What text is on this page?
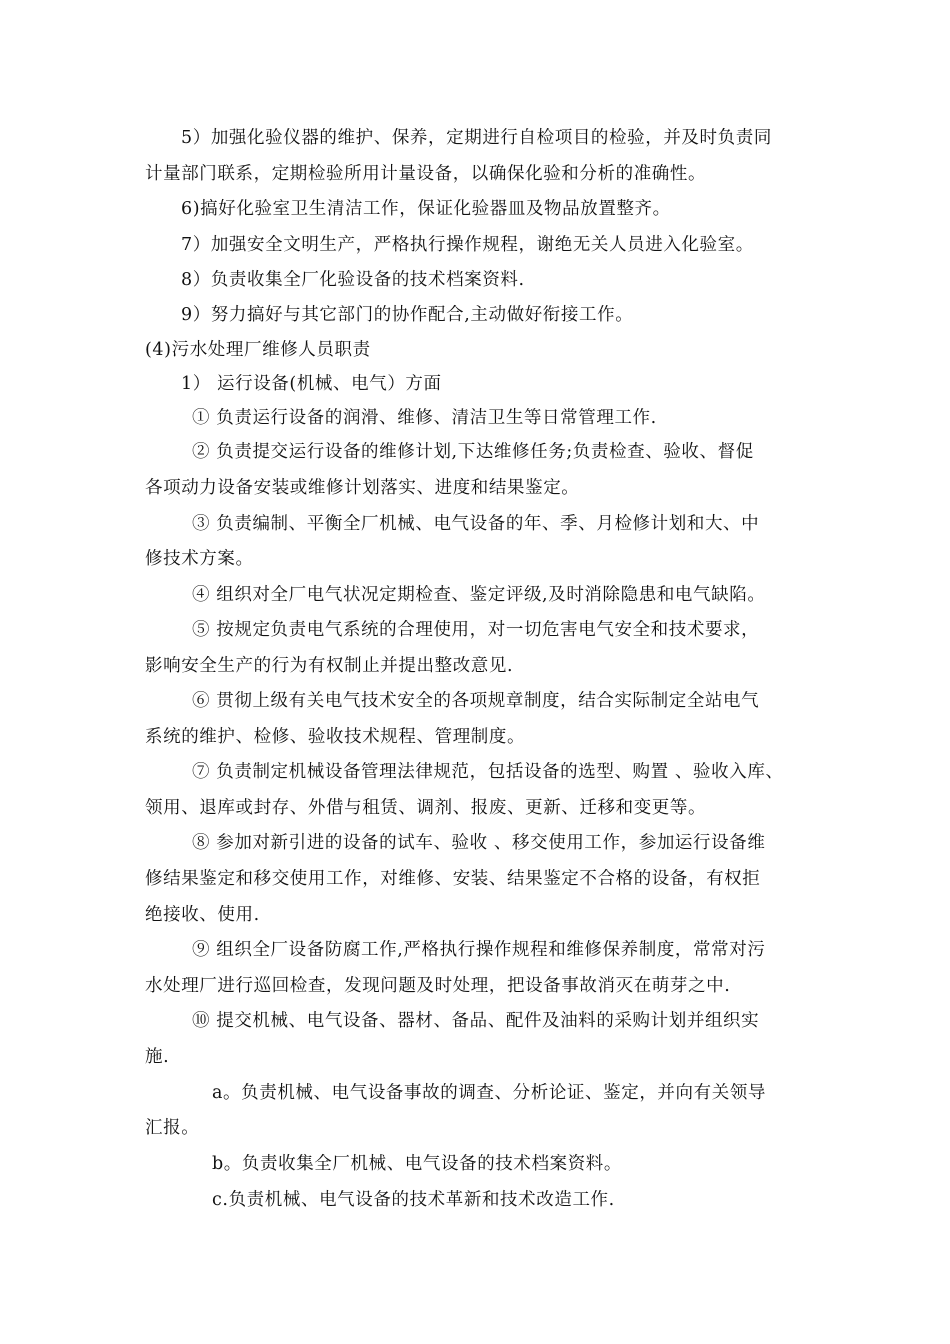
5）加强化验仪器的维护、保养，定期进行自检项目的检验，并及时负责同
计量部门联系，定期检验所用计量设备，以确保化验和分析的准确性。
6)搞好化验室卫生清洁工作，保证化验器皿及物品放置整齐。
7）加强安全文明生产，严格执行操作规程，谢绝无关人员进入化验室。
8）负责收集全厂化验设备的技术档案资料.
9）努力搞好与其它部门的协作配合,主动做好衔接工作。
(4)污水处理厂维修人员职责
1） 运行设备(机械、电气）方面
① 负责运行设备的润滑、维修、清洁卫生等日常管理工作.
② 负责提交运行设备的维修计划,下达维修任务;负责检查、验收、督促
各项动力设备安装或维修计划落实、进度和结果鉴定。
③ 负责编制、平衡全厂机械、电气设备的年、季、月检修计划和大、中
修技术方案。
④ 组织对全厂电气状况定期检查、鉴定评级,及时消除隐患和电气缺陷。
⑤ 按规定负责电气系统的合理使用，对一切危害电气安全和技术要求，
影响安全生产的行为有权制止并提出整改意见.
⑥ 贯彻上级有关电气技术安全的各项规章制度，结合实际制定全站电气
系统的维护、检修、验收技术规程、管理制度。
⑦ 负责制定机械设备管理法律规范，包括设备的选型、购置 、验收入库、
领用、退库或封存、外借与租赁、调剂、报废、更新、迁移和变更等。
⑧ 参加对新引进的设备的试车、验收 、移交使用工作，参加运行设备维
修结果鉴定和移交使用工作，对维修、安装、结果鉴定不合格的设备，有权拒
绝接收、使用.
⑨ 组织全厂设备防腐工作,严格执行操作规程和维修保养制度，常常对污
水处理厂进行巡回检查，发现问题及时处理，把设备事故消灭在萌芽之中.
⑩ 提交机械、电气设备、器材、备品、配件及油料的采购计划并组织实
施.
a。负责机械、电气设备事故的调查、分析论证、鉴定，并向有关领导
汇报。
b。负责收集全厂机械、电气设备的技术档案资料。
c.负责机械、电气设备的技术革新和技术改造工作.
